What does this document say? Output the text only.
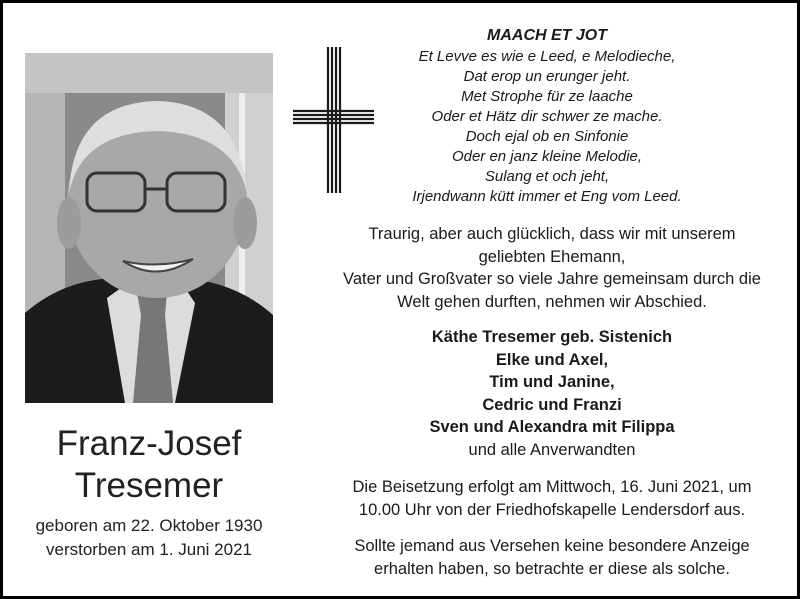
Franz-Josef
Tresemer
geboren am 22. Oktober 1930
verstorben am 1. Juni 2021
MAACH ET JOT
Et Levve es wie e Leed, e Melodieche,
Dat erop un erunger jeht.
Met Strophe für ze laache
Oder et Hätz dir schwer ze mache.
Doch ejal ob en Sinfonie
Oder en janz kleine Melodie,
Sulang et och jeht,
Irjendwann kütt immer et Eng vom Leed.
Traurig, aber auch glücklich, dass wir mit unserem
geliebten Ehemann,
Vater und Großvater so viele Jahre gemeinsam durch die
Welt gehen durften, nehmen wir Abschied.
Käthe Tresemer geb. Sistenich
Elke und Axel,
Tim und Janine,
Cedric und Franzi
Sven und Alexandra mit Filippa
und alle Anverwandten
Die Beisetzung erfolgt am Mittwoch, 16. Juni 2021, um
10.00 Uhr von der Friedhofskapelle Lendersdorf aus.
Sollte jemand aus Versehen keine besondere Anzeige
erhalten haben, so betrachte er diese als solche.
